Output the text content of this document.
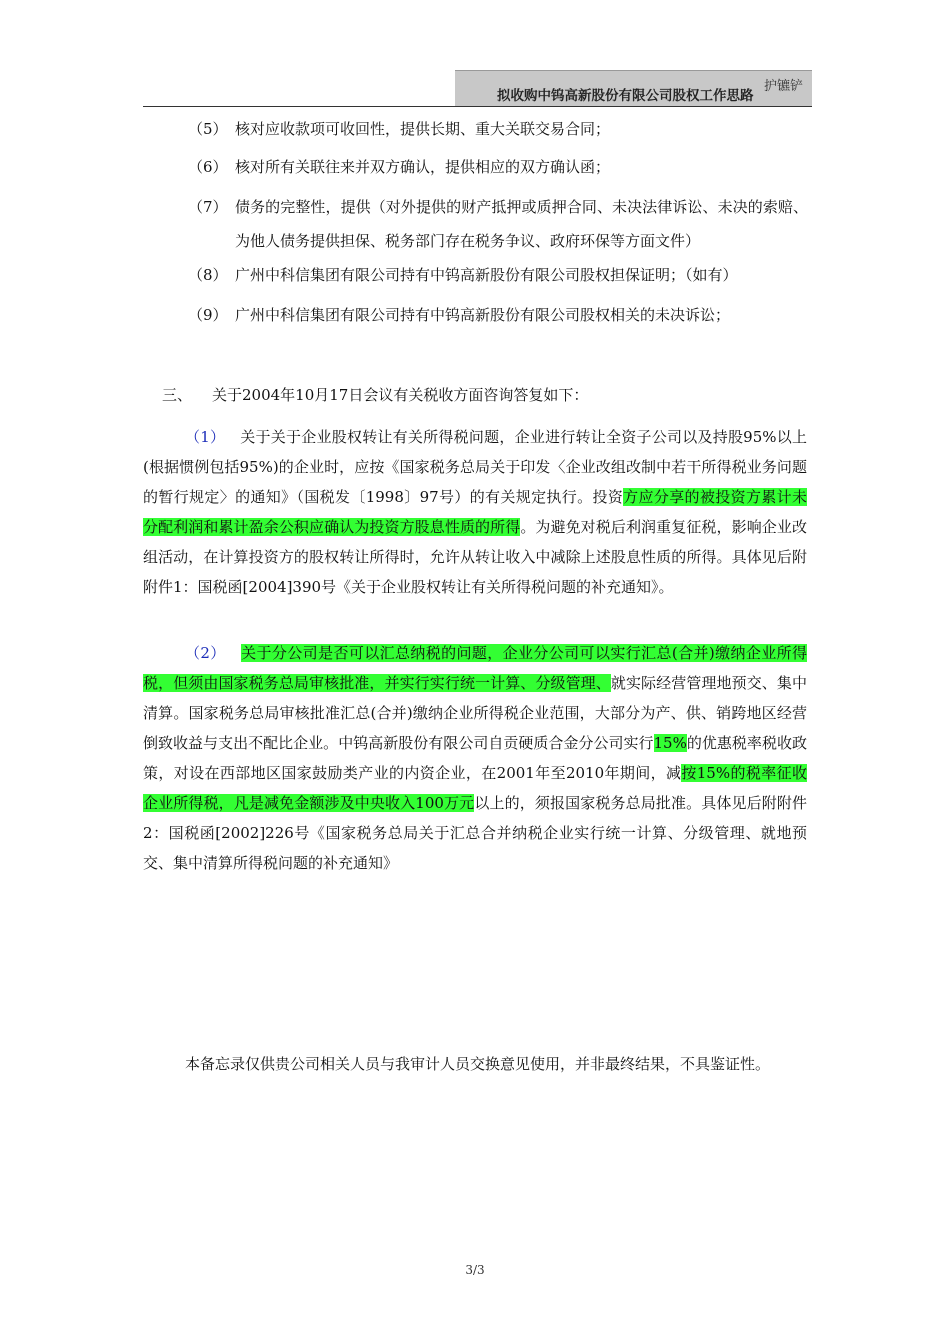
拟收购中钨高新股份有限公司股权工作思路
护镳铲
（5） 核对应收款项可收回性，提供长期、重大关联交易合同；
（6） 核对所有关联往来并双方确认，提供相应的双方确认函；
（7） 债务的完整性，提供（对外提供的财产抵押或质押合同、未决法律诉讼、未决的索赔、为他人债务提供担保、税务部门存在税务争议、政府环保等方面文件）
（8） 广州中科信集团有限公司持有中钨高新股份有限公司股权担保证明；（如有）
（9） 广州中科信集团有限公司持有中钨高新股份有限公司股权相关的未决诉讼；
三、 关于2004年10月17日会议有关税收方面咨询答复如下：
（1） 关于关于企业股权转让有关所得税问题，企业进行转让全资子公司以及持股95%以上(根据惯例包括95%)的企业时，应按《国家税务总局关于印发〈企业改组改制中若干所得税业务问题的暂行规定〉的通知》（国税发〔1998〕97号）的有关规定执行。投资方应分享的被投资方累计未分配利润和累计盈余公积应确认为投资方股息性质的所得。为避免对税后利润重复征税，影响企业改组活动，在计算投资方的股权转让所得时，允许从转让收入中减除上述股息性质的所得。具体见后附附件1：国税函[2004]390号《关于企业股权转让有关所得税问题的补充通知》。
（2） 关于分公司是否可以汇总纳税的问题，企业分公司可以实行汇总(合并)缴纳企业所得税，但须由国家税务总局审核批准，并实行实行统一计算、分级管理、就实际经营管理地预交、集中清算。国家税务总局审核批准汇总(合并)缴纳企业所得税企业范围，大部分为产、供、销跨地区经营倒致收益与支出不配比企业。中钨高新股份有限公司自贡硬质合金分公司实行15%的优惠税率税收政策，对设在西部地区国家鼓励类产业的内资企业，在2001年至2010年期间，减按15%的税率征收企业所得税，凡是减免金额涉及中央收入100万元以上的，须报国家税务总局批准。具体见后附附件2：国税函[2002]226号《国家税务总局关于汇总合并纳税企业实行统一计算、分级管理、就地预交、集中清算所得税问题的补充通知》
本备忘录仅供贵公司相关人员与我审计人员交换意见使用，并非最终结果，不具鉴证性。
3/3
